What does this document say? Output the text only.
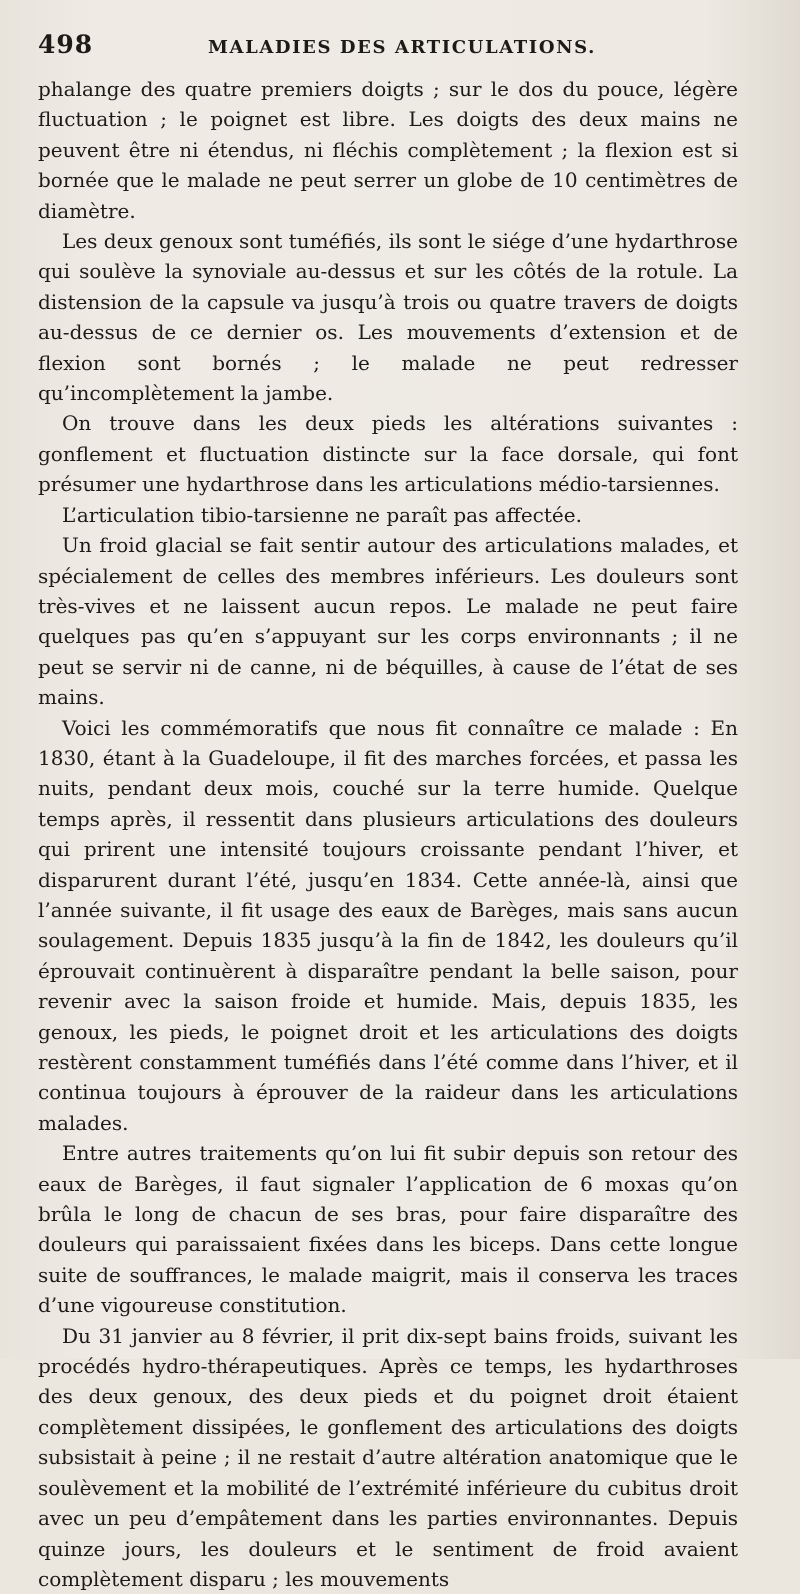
498	MALADIES DES ARTICULATIONS.

phalange des quatre premiers doigts ; sur le dos du pouce, légère fluctuation ; le poignet est libre. Les doigts des deux mains ne peuvent être ni étendus, ni fléchis complètement ; la flexion est si bornée que le malade ne peut serrer un globe de 10 centimètres de diamètre.

Les deux genoux sont tuméfiés, ils sont le siége d’une hydarthrose qui soulève la synoviale au-dessus et sur les côtés de la rotule. La distension de la capsule va jusqu’à trois ou quatre travers de doigts au-dessus de ce dernier os. Les mouvements d’extension et de flexion sont bornés ; le malade ne peut redresser qu’incomplètement la jambe.

On trouve dans les deux pieds les altérations suivantes : gonflement et fluctuation distincte sur la face dorsale, qui font présumer une hydarthrose dans les articulations médio-tarsiennes.

L’articulation tibio-tarsienne ne paraît pas affectée.

Un froid glacial se fait sentir autour des articulations malades, et spécialement de celles des membres inférieurs. Les douleurs sont très-vives et ne laissent aucun repos. Le malade ne peut faire quelques pas qu’en s’appuyant sur les corps environnants ; il ne peut se servir ni de canne, ni de béquilles, à cause de l’état de ses mains.

Voici les commémoratifs que nous fit connaître ce malade : En 1830, étant à la Guadeloupe, il fit des marches forcées, et passa les nuits, pendant deux mois, couché sur la terre humide. Quelque temps après, il ressentit dans plusieurs articulations des douleurs qui prirent une intensité toujours croissante pendant l’hiver, et disparurent durant l’été, jusqu’en 1834. Cette année-là, ainsi que l’année suivante, il fit usage des eaux de Barèges, mais sans aucun soulagement. Depuis 1835 jusqu’à la fin de 1842, les douleurs qu’il éprouvait continuèrent à disparaître pendant la belle saison, pour revenir avec la saison froide et humide. Mais, depuis 1835, les genoux, les pieds, le poignet droit et les articulations des doigts restèrent constamment tuméfiés dans l’été comme dans l’hiver, et il continua toujours à éprouver de la raideur dans les articulations malades.

Entre autres traitements qu’on lui fit subir depuis son retour des eaux de Barèges, il faut signaler l’application de 6 moxas qu’on brûla le long de chacun de ses bras, pour faire disparaître des douleurs qui paraissaient fixées dans les biceps. Dans cette longue suite de souffrances, le malade maigrit, mais il conserva les traces d’une vigoureuse constitution.

Du 31 janvier au 8 février, il prit dix-sept bains froids, suivant les procédés hydro-thérapeutiques. Après ce temps, les hydarthroses des deux genoux, des deux pieds et du poignet droit étaient complètement dissipées, le gonflement des articulations des doigts subsistait à peine ; il ne restait d’autre altération anatomique que le soulèvement et la mobilité de l’extrémité inférieure du cubitus droit avec un peu d’empâtement dans les parties environnantes. Depuis quinze jours, les douleurs et le sentiment de froid avaient complètement disparu ; les mouvements
